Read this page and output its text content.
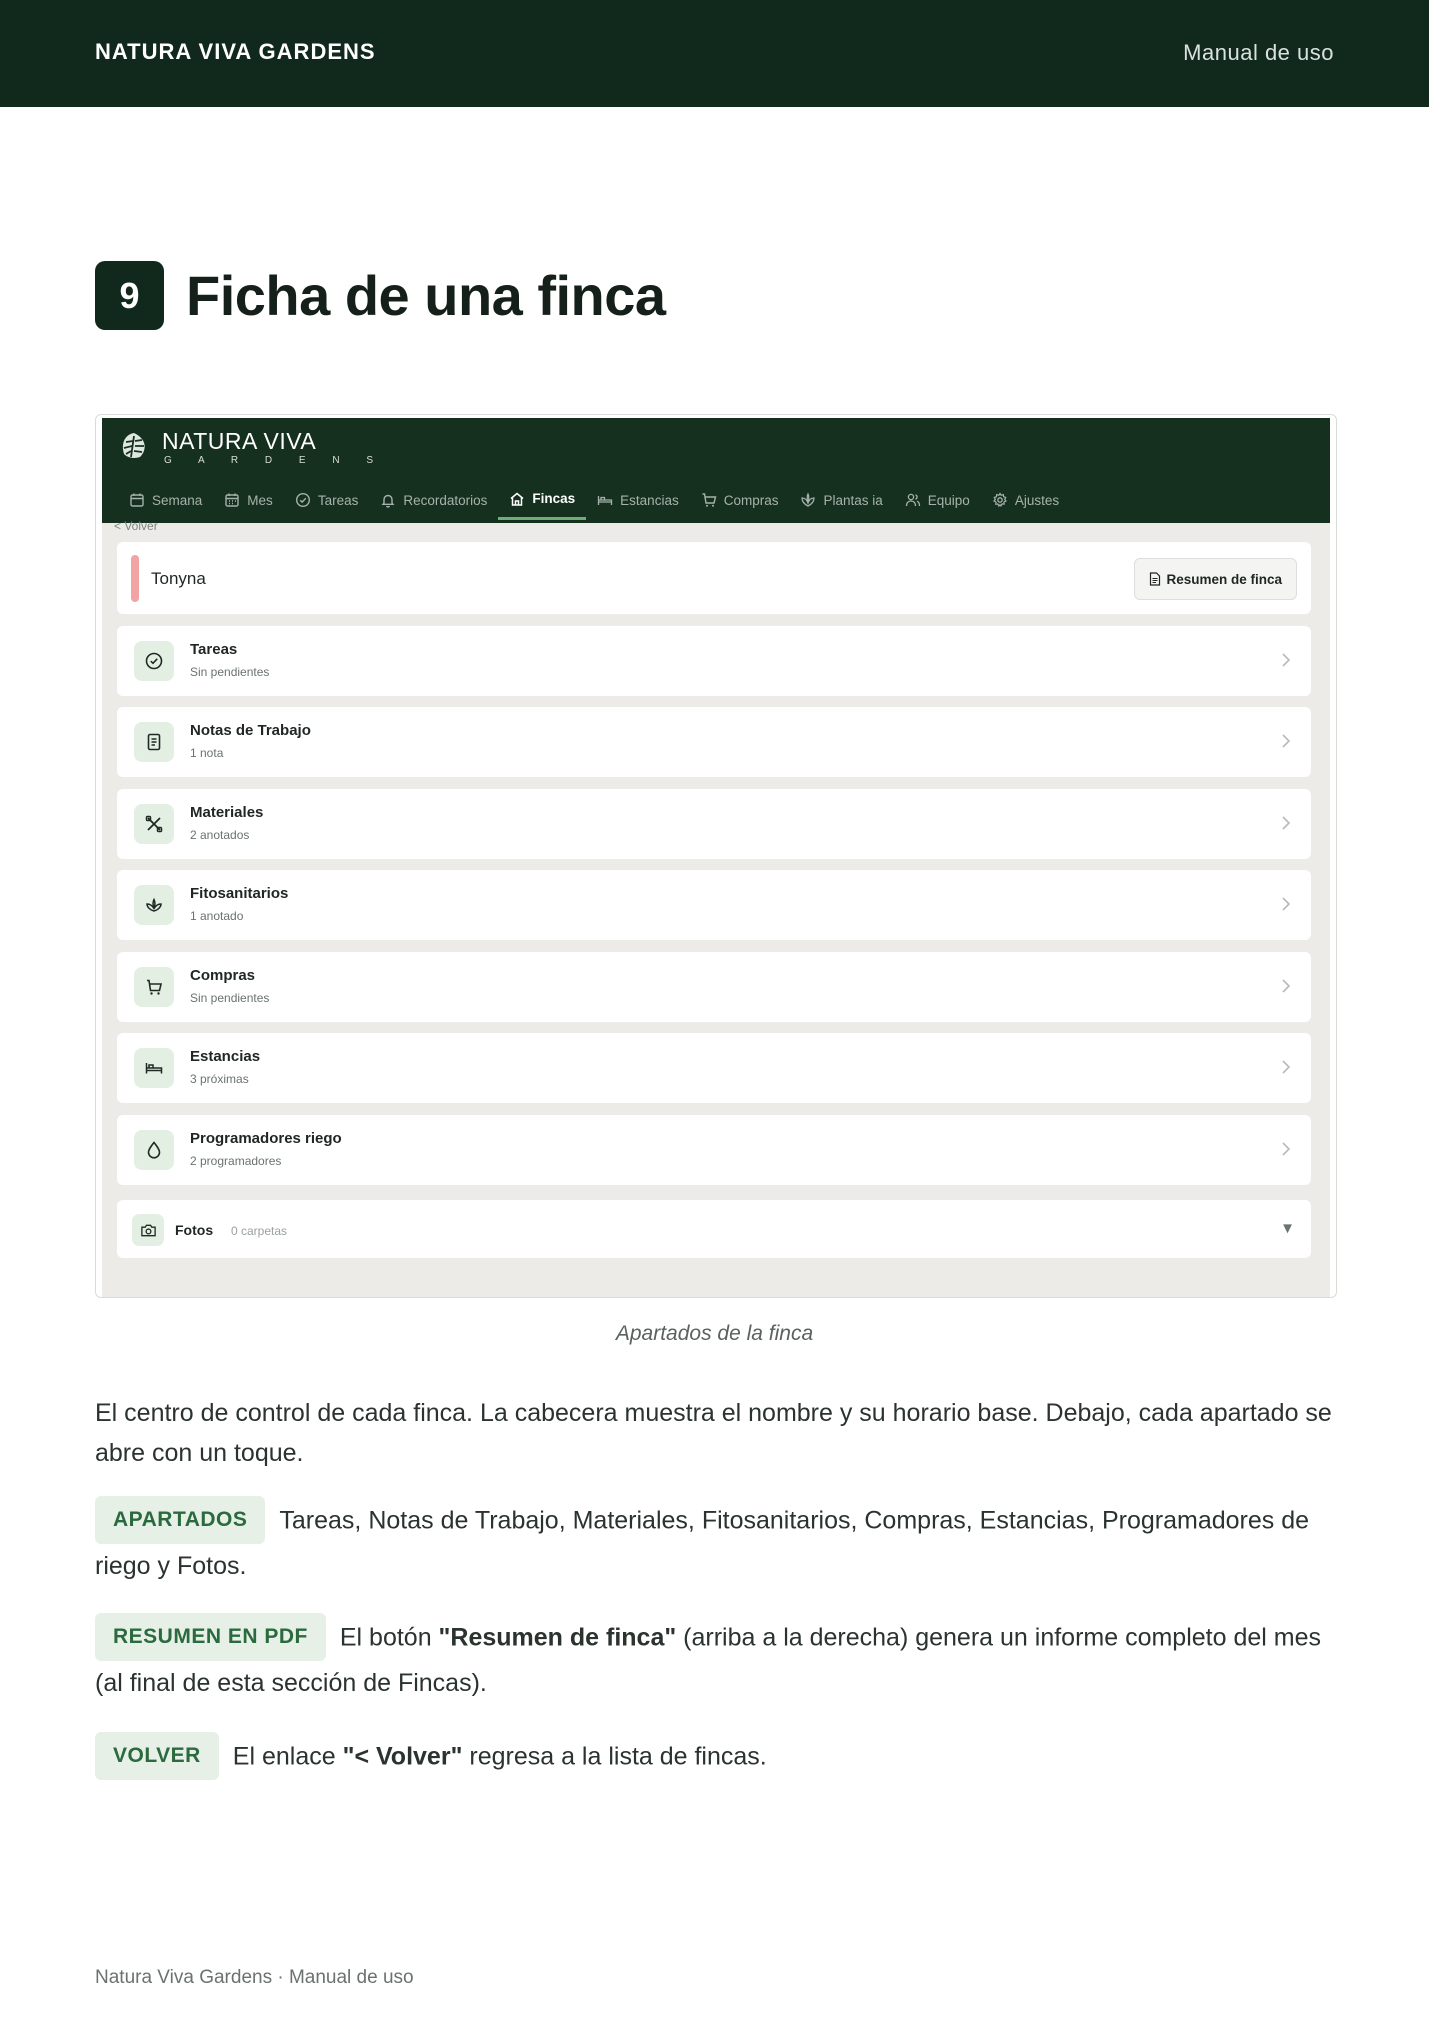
NATURA VIVA GARDENS	Manual de uso
9 Ficha de una finca
NATURA VIVA
G A R D E N S
Semana	Mes	Tareas	Recordatorios	Fincas	Estancias	Compras	Plantas ia	Equipo	Ajustes
< Volver
Tonyna	Resumen de finca
Tareas
Sin pendientes
Notas de Trabajo
1 nota
Materiales
2 anotados
Fitosanitarios
1 anotado
Compras
Sin pendientes
Estancias
3 próximas
Programadores riego
2 programadores
Fotos 0 carpetas	▼
Apartados de la finca
El centro de control de cada finca. La cabecera muestra el nombre y su horario base. Debajo, cada apartado se abre con un toque.
APARTADOS Tareas, Notas de Trabajo, Materiales, Fitosanitarios, Compras, Estancias, Programadores de riego y Fotos.
RESUMEN EN PDF El botón "Resumen de finca" (arriba a la derecha) genera un informe completo del mes (al final de esta sección de Fincas).
VOLVER El enlace "< Volver" regresa a la lista de fincas.
Natura Viva Gardens · Manual de uso
